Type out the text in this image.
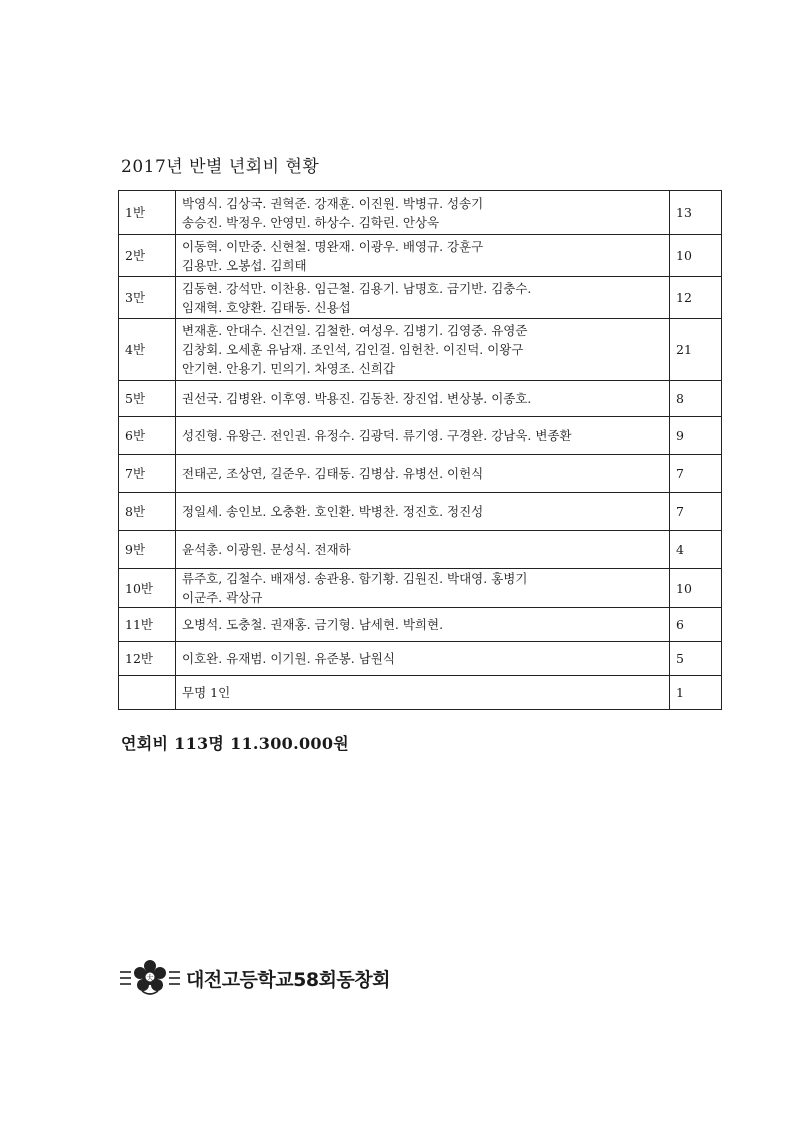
2017년 반별 년회비 현황
1반	박영식. 김상국. 권혁준. 강재훈. 이진원. 박병규. 성송기
송승진. 박정우. 안영민. 하상수. 김학린. 안상욱	13
2반	이동혁. 이만중. 신현철. 명완재. 이광우. 배영규. 강훈구
김용만. 오봉섭. 김희태	10
3만	김동현. 강석만. 이찬용. 임근철. 김용기. 남명호. 금기반. 김충수.
임재혁. 호양환. 김태동. 신용섭	12
4반	변재훈. 안대수. 신건일. 김철한. 여성우. 김병기. 김영중. 유영준
김창회. 오세훈 유남재. 조인석, 김인걸. 임헌찬. 이진덕. 이왕구
안기현. 안용기. 민의기. 차영조. 신희갑	21
5반	권선국. 김병완. 이후영. 박용진. 김동찬. 장진업. 변상봉. 이종호.	8
6반	성진형. 유왕근. 전인권. 유정수. 김광덕. 류기영. 구경완. 강남욱. 변종환	9
7반	전태곤, 조상연, 길준우. 김태동. 김병삼. 유병선. 이헌식	7
8반	정일세. 송인보. 오충환. 호인환. 박병찬. 정진호. 정진성	7
9반	윤석총. 이광원. 문성식. 전재하	4
10반	류주호, 김철수. 배재성. 송관용. 함기황. 김원진. 박대영. 홍병기
이군주. 곽상규	10
11반	오병석. 도충철. 권재홍. 금기형. 남세현. 박희현.	6
12반	이호완. 유재범. 이기원. 유준봉. 남원식	5

	무명 1인	1
연회비 113명 11.300.000원
大 대전고등학교58회동창회
